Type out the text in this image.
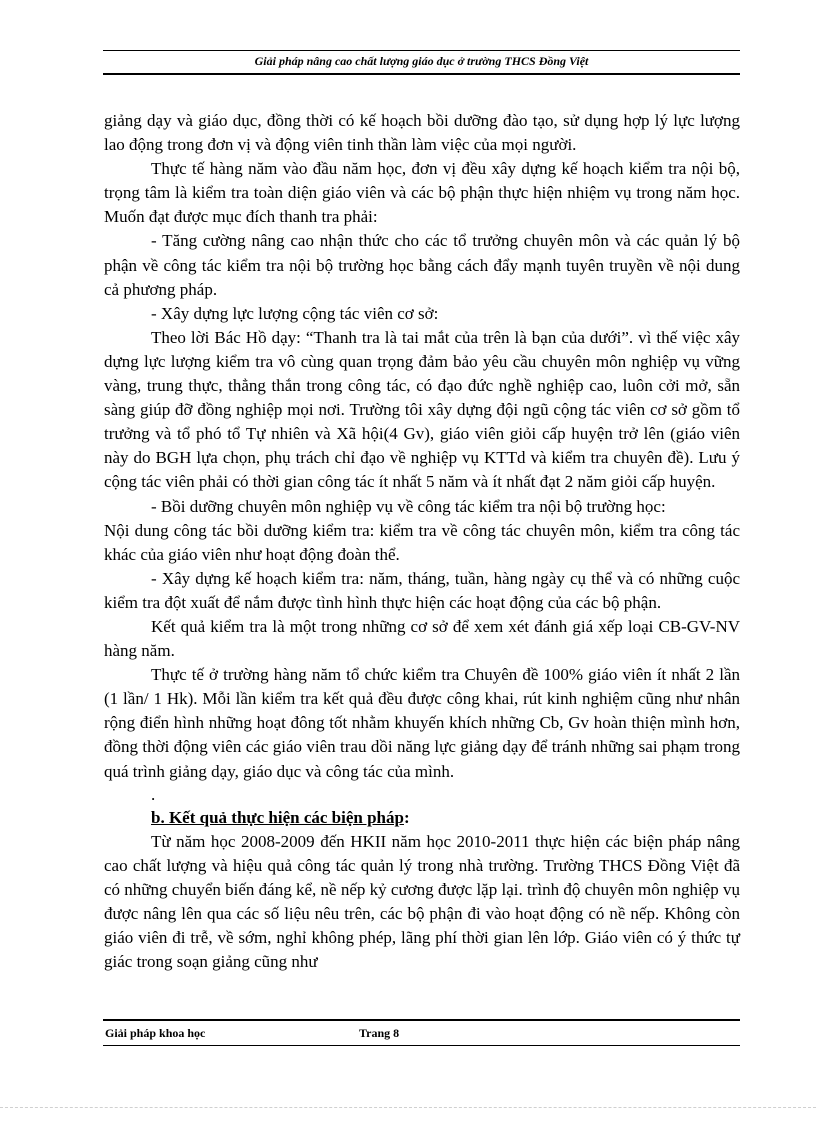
Giải pháp nâng cao chất lượng giáo dục ở trường THCS Đồng Việt

giảng dạy và giáo dục, đồng thời có kế hoạch bồi dưỡng đào tạo, sử dụng hợp lý lực lượng lao động trong đơn vị và động viên tinh thần làm việc của mọi người.

Thực tế hàng năm vào đầu năm học, đơn vị đều xây dựng kế hoạch kiểm tra nội bộ, trọng tâm là kiểm tra toàn diện giáo viên và các bộ phận thực hiện nhiệm vụ trong năm học. Muốn đạt được mục đích thanh tra phải:

- Tăng cường nâng cao nhận thức cho các tổ trưởng chuyên môn và các quản lý bộ phận về công tác kiểm tra nội bộ trường học bằng cách đẩy mạnh tuyên truyền về nội dung cả phương pháp.

- Xây dựng lực lượng cộng tác viên cơ sở:

Theo lời Bác Hồ dạy: “Thanh tra là tai mắt của trên là bạn của dưới”. vì thế việc xây dựng lực lượng kiểm tra vô cùng quan trọng đảm bảo yêu cầu chuyên môn nghiệp vụ vững vàng, trung thực, thẳng thắn trong công tác, có đạo đức nghề nghiệp cao, luôn cởi mở, sẵn sàng giúp đỡ đồng nghiệp mọi nơi. Trường tôi xây dựng đội ngũ cộng tác viên cơ sở gồm tổ trưởng và tổ phó tổ Tự nhiên và Xã hội(4 Gv), giáo viên giỏi cấp huyện trở lên (giáo viên này do BGH lựa chọn, phụ trách chỉ đạo về nghiệp vụ KTTd và kiểm tra chuyên đề). Lưu ý cộng tác viên phải có thời gian công tác ít nhất 5 năm và ít nhất đạt 2 năm giỏi cấp huyện.

- Bồi dưỡng chuyên môn nghiệp vụ về công tác kiểm tra nội bộ trường học:

Nội dung công tác bồi dưỡng kiểm tra: kiểm tra về công tác chuyên môn, kiểm tra công tác khác của giáo viên như hoạt động đoàn thể.

- Xây dựng kế hoạch kiểm tra: năm, tháng, tuần, hàng ngày cụ thể và có những cuộc kiểm tra đột xuất để nắm được tình hình thực hiện các hoạt động của các bộ phận.

Kết quả kiểm tra là một trong những cơ sở để xem xét đánh giá xếp loại CB-GV-NV hàng năm.

Thực tế ở trường hàng năm tổ chức kiểm tra Chuyên đề 100% giáo viên ít nhất 2 lần (1 lần/ 1 Hk). Mỗi lần kiểm tra kết quả đều được công khai, rút kinh nghiệm cũng như nhân rộng điển hình những hoạt đông tốt nhằm khuyến khích những Cb, Gv hoàn thiện mình hơn, đồng thời động viên các giáo viên trau dồi năng lực giảng dạy để tránh những sai phạm trong quá trình giảng dạy, giáo dục và công tác của mình.

.

b. Kết quả thực hiện các biện pháp:

Từ năm học 2008-2009 đến HKII năm học 2010-2011 thực hiện các biện pháp nâng cao chất lượng và hiệu quả công tác quản lý trong nhà trường. Trường THCS Đồng Việt đã có những chuyển biến đáng kể, nề nếp kỷ cương được lặp lại. trình độ chuyên môn nghiệp vụ được nâng lên qua các số liệu nêu trên, các bộ phận đi vào hoạt động có nề nếp. Không còn giáo viên đi trễ, về sớm, nghỉ không phép, lãng phí thời gian lên lớp. Giáo viên có ý thức tự giác trong soạn giảng cũng như

Giải pháp khoa học	Trang 8
